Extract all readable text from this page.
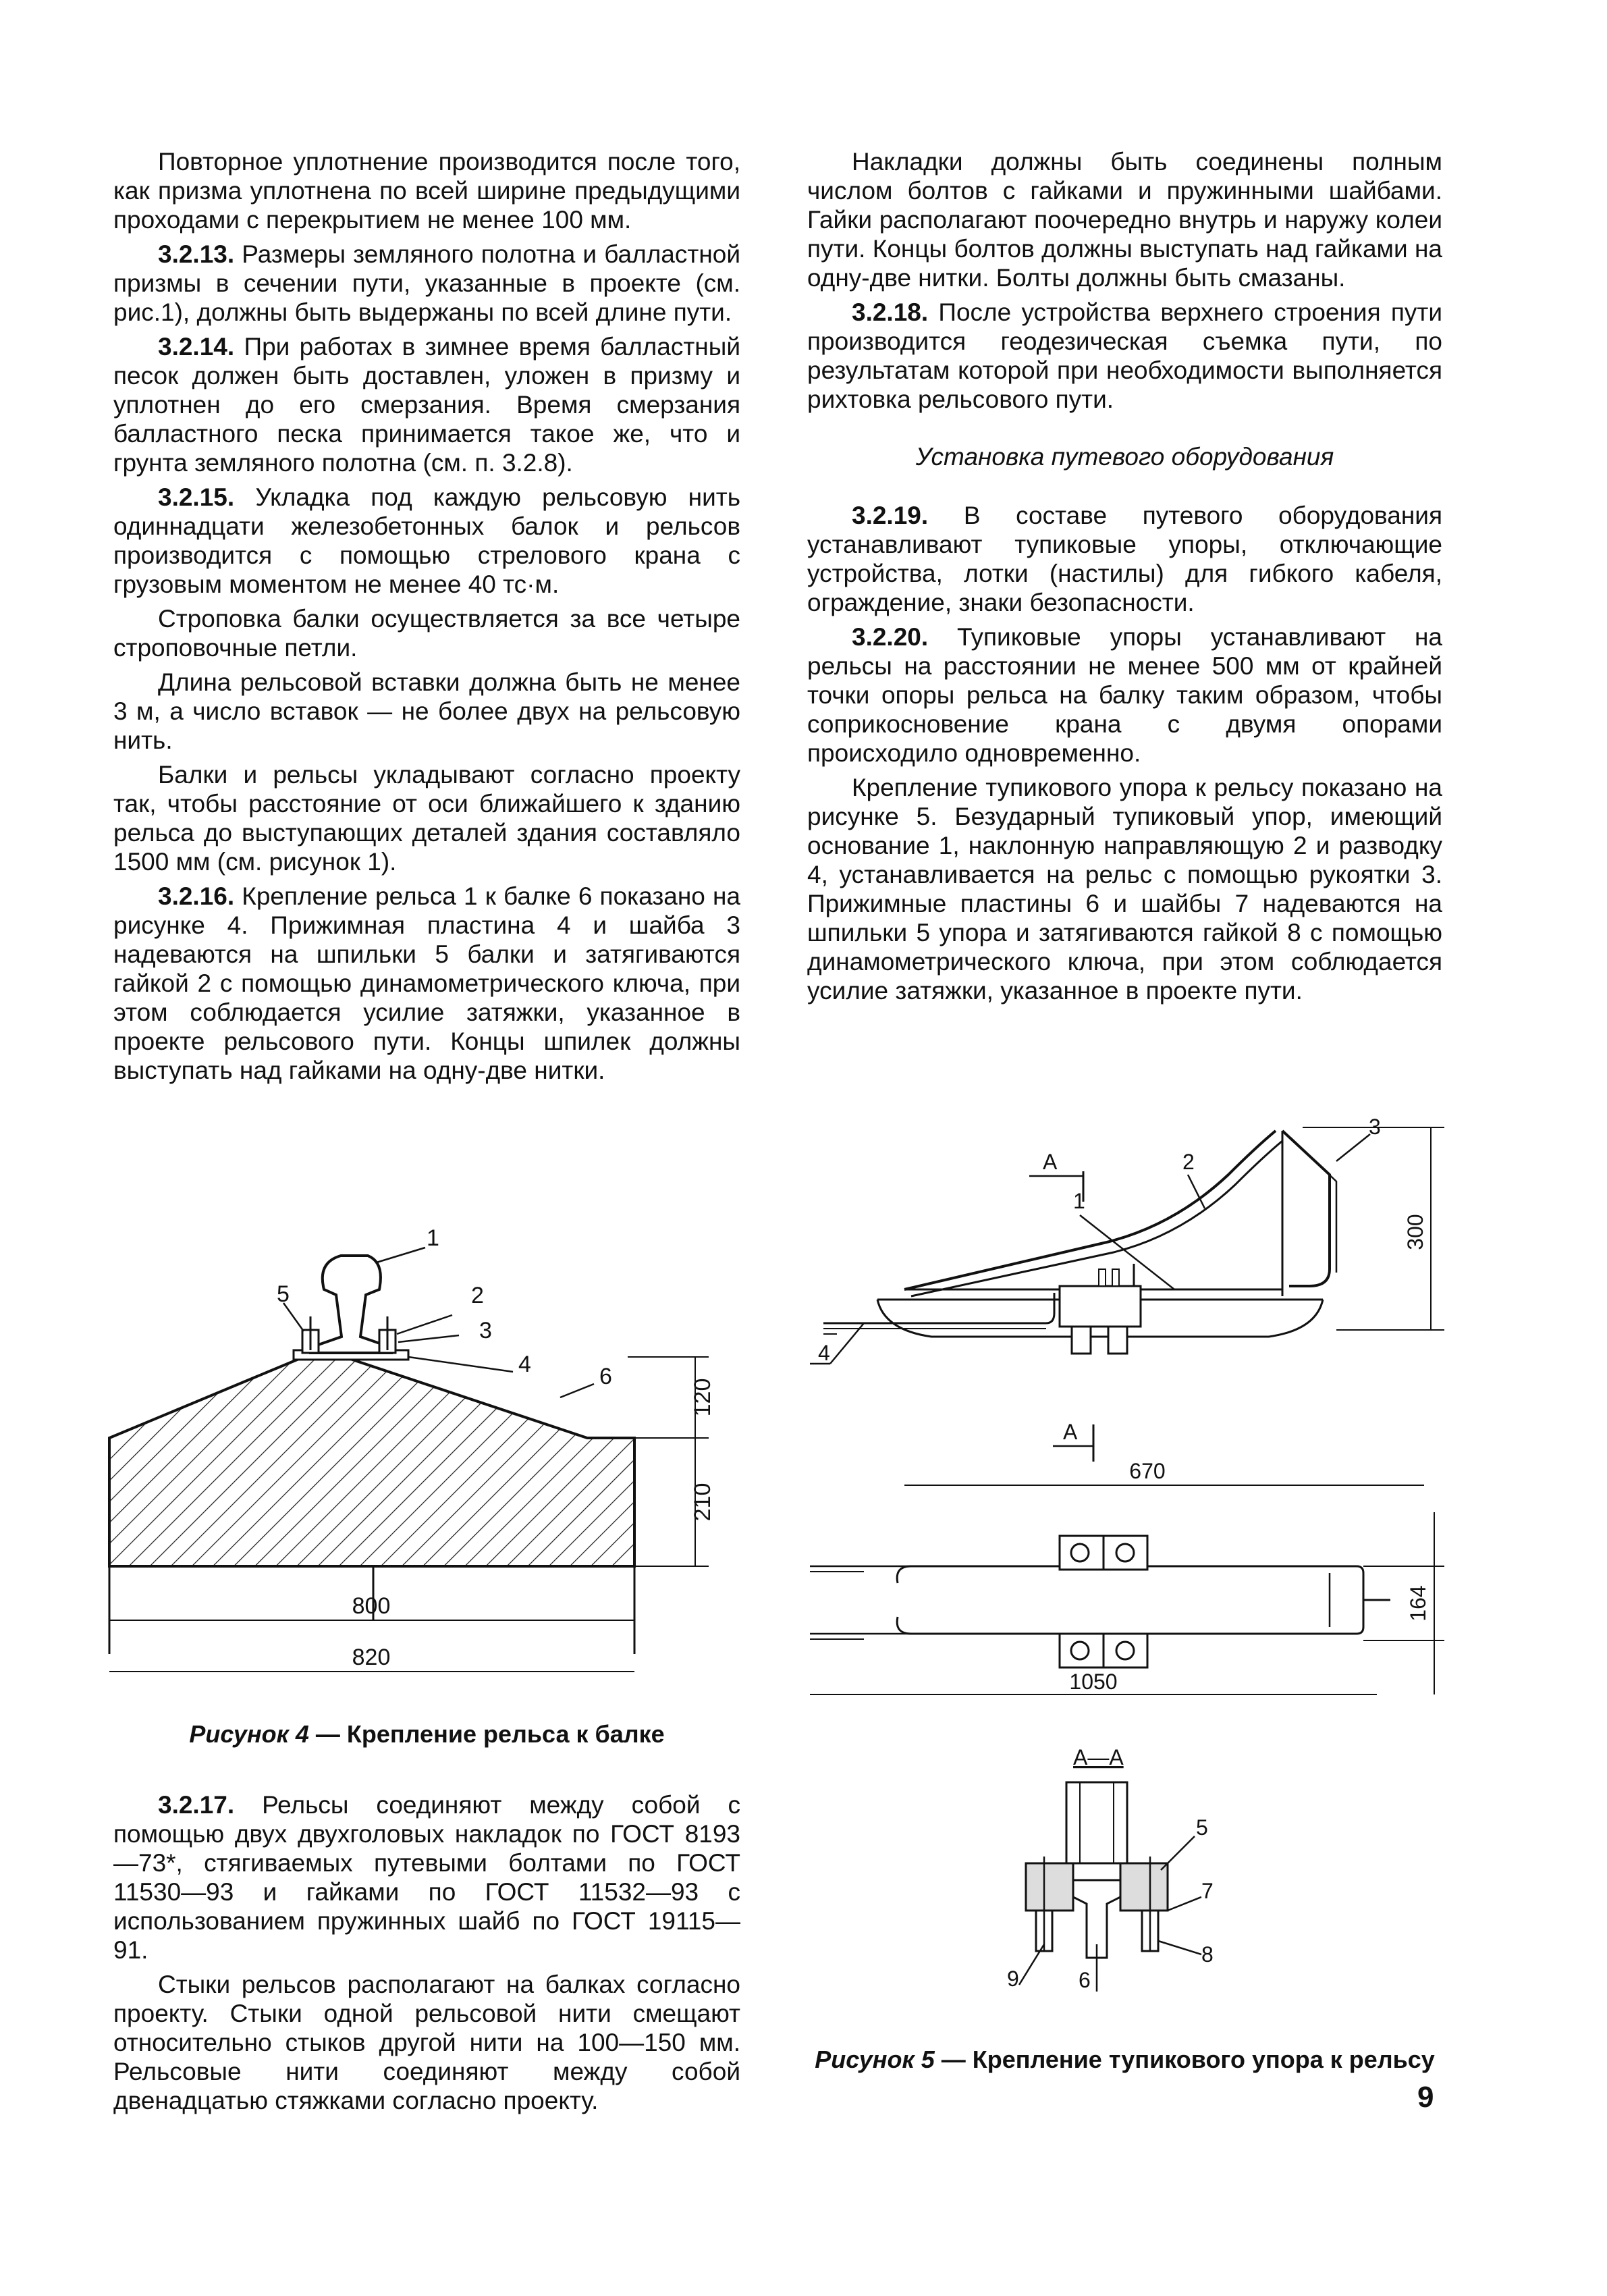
Повторное уплотнение производится после того, как призма уплотнена по всей ширине предыдущими проходами с перекрытием не менее 100 мм.

3.2.13. Размеры земляного полотна и балластной призмы в сечении пути, указанные в проекте (см. рис.1), должны быть выдержаны по всей длине пути.

3.2.14. При работах в зимнее время балластный песок должен быть доставлен, уложен в призму и уплотнен до его смерзания. Время смерзания балластного песка принимается такое же, что и грунта земляного полотна (см. п. 3.2.8).

3.2.15. Укладка под каждую рельсовую нить одиннадцати железобетонных балок и рельсов производится с помощью стрелового крана с грузовым моментом не менее 40 тс·м.

Строповка балки осуществляется за все четыре строповочные петли.

Длина рельсовой вставки должна быть не менее 3 м, а число вставок — не более двух на рельсовую нить.

Балки и рельсы укладывают согласно проекту так, чтобы расстояние от оси ближайшего к зданию рельса до выступающих деталей здания составляло 1500 мм (см. рисунок 1).

3.2.16. Крепление рельса 1 к балке 6 показано на рисунке 4. Прижимная пластина 4 и шайба 3 надеваются на шпильки 5 балки и затягиваются гайкой 2 с помощью динамометрического ключа, при этом соблюдается усилие затяжки, указанное в проекте рельсового пути. Концы шпилек должны выступать над гайками на одну-две нитки.

1
2
3
4
5
6
120
210
800
820
Рисунок 4 — Крепление рельса к балке

3.2.17. Рельсы соединяют между собой с помощью двух двухголовых накладок по ГОСТ 8193—73*, стягиваемых путевыми болтами по ГОСТ 11530—93 и гайками по ГОСТ 11532—93 с использованием пружинных шайб по ГОСТ 19115—91.

Стыки рельсов располагают на балках согласно проекту. Стыки одной рельсовой нити смещают относительно стыков другой нити на 100—150 мм. Рельсовые нити соединяют между собой двенадцатью стяжками согласно проекту.

Накладки должны быть соединены полным числом болтов с гайками и пружинными шайбами. Гайки располагают поочередно внутрь и наружу колеи пути. Концы болтов должны выступать над гайками на одну-две нитки. Болты должны быть смазаны.

3.2.18. После устройства верхнего строения пути производится геодезическая съемка пути, по результатам которой при необходимости выполняется рихтовка рельсового пути.

Установка путевого оборудования

3.2.19. В составе путевого оборудования устанавливают тупиковые упоры, отключающие устройства, лотки (настилы) для гибкого кабеля, ограждение, знаки безопасности.

3.2.20. Тупиковые упоры устанавливают на рельсы на расстоянии не менее 500 мм от крайней точки опоры рельса на балку таким образом, чтобы соприкосновение крана с двумя опорами происходило одновременно.

Крепление тупикового упора к рельсу показано на рисунке 5. Безударный тупиковый упор, имеющий основание 1, наклонную направляющую 2 и разводку 4, устанавливается на рельс с помощью рукоятки 3. Прижимные пластины 6 и шайбы 7 надеваются на шпильки 5 упора и затягиваются гайкой 8 с помощью динамометрического ключа, при этом соблюдается усилие затяжки, указанное в проекте пути.

А
4
1
2
3
300
А
670
164
1050
А—А
5
7
8
9	6
Рисунок 5 — Крепление тупикового упора к рельсу
9
